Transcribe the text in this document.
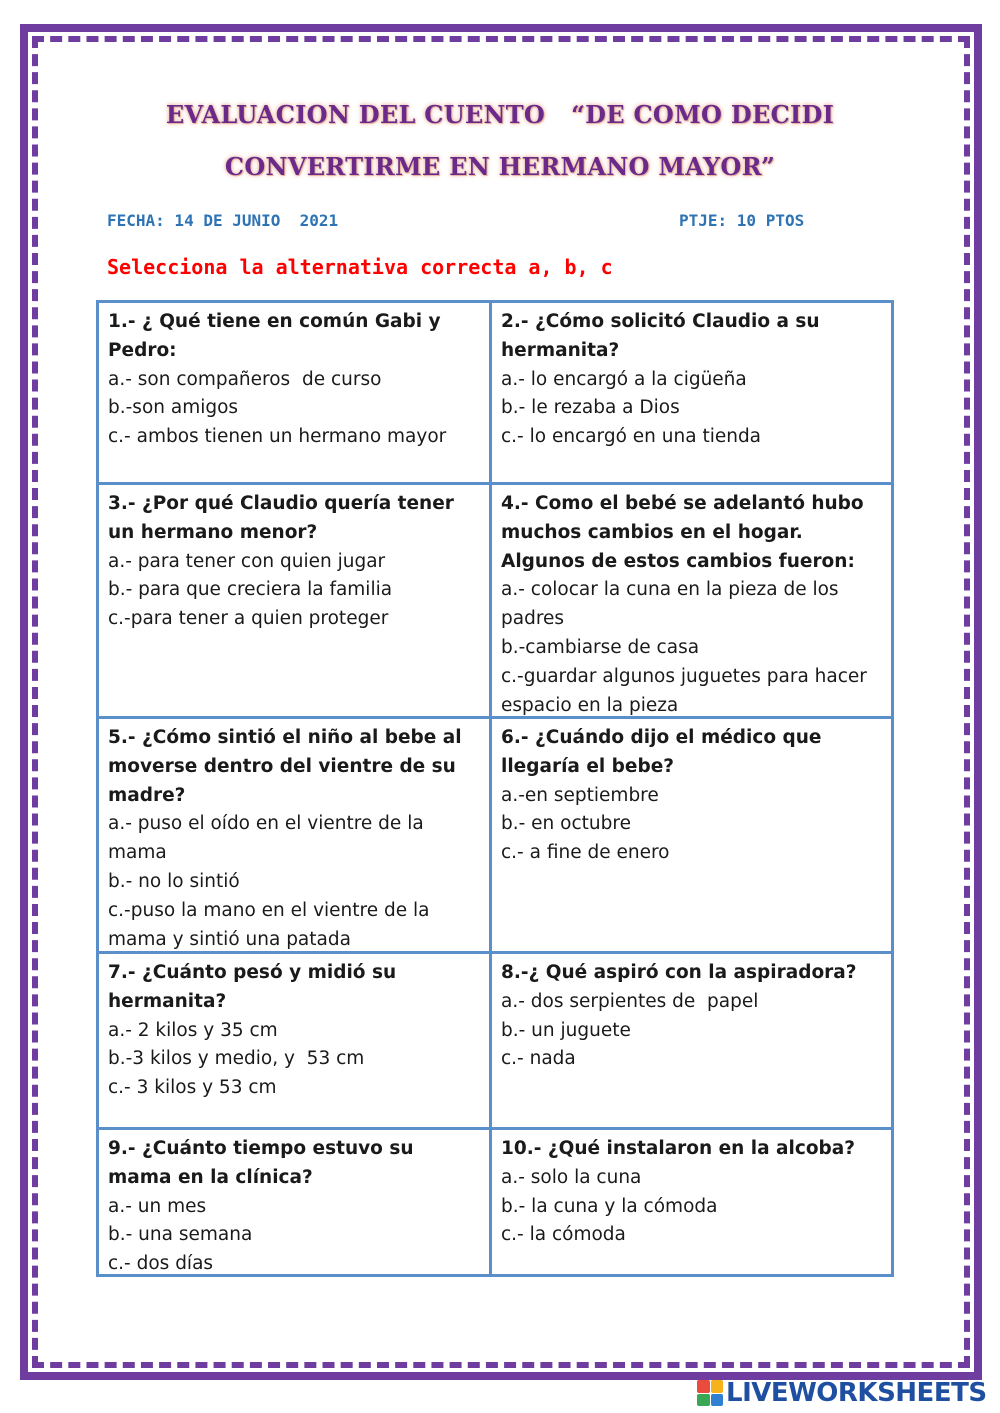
EVALUACION DEL CUENTO   “DE COMO DECIDI
CONVERTIRME EN HERMANO MAYOR”
FECHA: 14 DE JUNIO  2021	PTJE: 10 PTOS
Selecciona la alternativa correcta a, b, c
1.- ¿ Qué tiene en común Gabi y Pedro:
a.- son compañeros  de curso
b.-son amigos
c.- ambos tienen un hermano mayor
2.- ¿Cómo solicitó Claudio a su hermanita?
a.- lo encargó a la cigüeña
b.- le rezaba a Dios
c.- lo encargó en una tienda
3.- ¿Por qué Claudio quería tener un hermano menor?
a.- para tener con quien jugar
b.- para que creciera la familia
c.-para tener a quien proteger
4.- Como el bebé se adelantó hubo muchos cambios en el hogar. Algunos de estos cambios fueron:
a.- colocar la cuna en la pieza de los padres
b.-cambiarse de casa
c.-guardar algunos juguetes para hacer espacio en la pieza
5.- ¿Cómo sintió el niño al bebe al moverse dentro del vientre de su madre?
a.- puso el oído en el vientre de la mama
b.- no lo sintió
c.-puso la mano en el vientre de la mama y sintió una patada
6.- ¿Cuándo dijo el médico que llegaría el bebe?
a.-en septiembre
b.- en octubre
c.- a fine de enero
7.- ¿Cuánto pesó y midió su hermanita?
a.- 2 kilos y 35 cm
b.-3 kilos y medio, y  53 cm
c.- 3 kilos y 53 cm
8.-¿ Qué aspiró con la aspiradora?
a.- dos serpientes de  papel
b.- un juguete
c.- nada
9.- ¿Cuánto tiempo estuvo su mama en la clínica?
a.- un mes
b.- una semana
c.- dos días
10.- ¿Qué instalaron en la alcoba?
a.- solo la cuna
b.- la cuna y la cómoda
c.- la cómoda
LIVEWORKSHEETS
